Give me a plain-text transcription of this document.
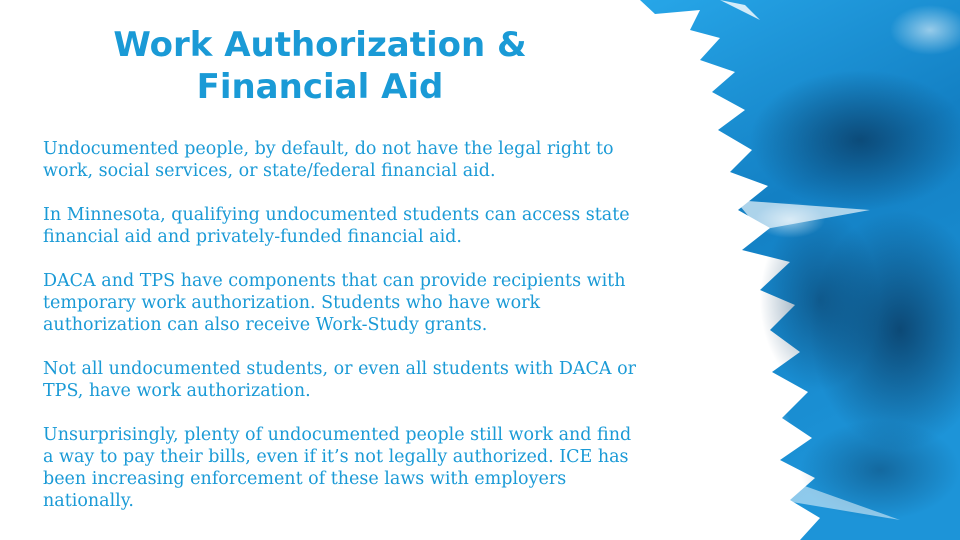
Work Authorization &
Financial Aid

Undocumented people, by default, do not have the legal right to
work, social services, or state/federal financial aid.

In Minnesota, qualifying undocumented students can access state
financial aid and privately-funded financial aid.

DACA and TPS have components that can provide recipients with
temporary work authorization. Students who have work
authorization can also receive Work-Study grants.

Not all undocumented students, or even all students with DACA or
TPS, have work authorization.

Unsurprisingly, plenty of undocumented people still work and find
a way to pay their bills, even if it’s not legally authorized. ICE has
been increasing enforcement of these laws with employers
nationally.
